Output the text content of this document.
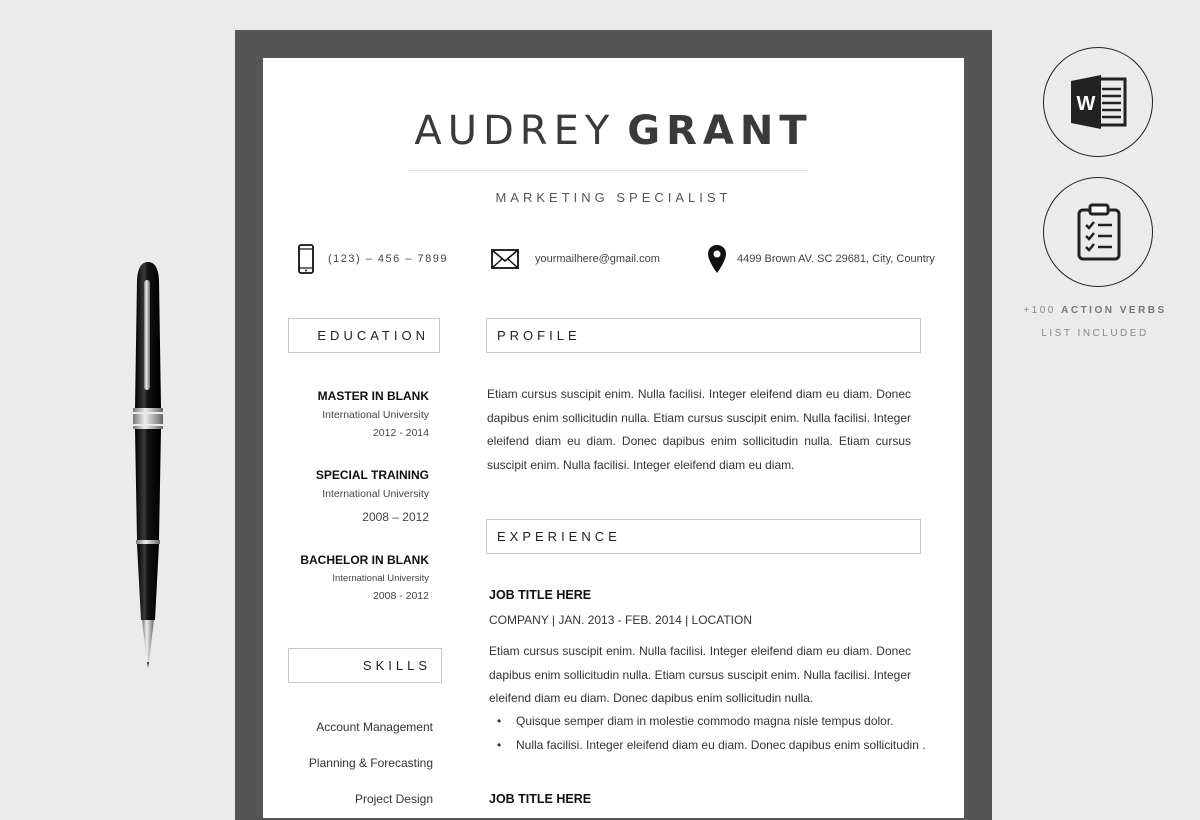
AUDREY GRANT
MARKETING SPECIALIST
(123) – 456 – 7899	yourmailhere@gmail.com	4499 Brown AV. SC 29681, City, Country
EDUCATION	PROFILE
MASTER IN BLANK
International University
2012 - 2014
SPECIAL TRAINING
International University
2008 – 2012
BACHELOR IN BLANK
International University
2008 - 2012
Etiam cursus suscipit enim. Nulla facilisi. Integer eleifend diam eu diam. Donec dapibus enim sollicitudin nulla. Etiam cursus suscipit enim. Nulla facilisi. Integer eleifend diam eu diam. Donec dapibus enim sollicitudin nulla. Etiam cursus suscipit enim. Nulla facilisi. Integer eleifend diam eu diam.
EXPERIENCE
SKILLS
Account Management
Planning & Forecasting
Project Design
JOB TITLE HERE
COMPANY | JAN. 2013 - FEB. 2014 | LOCATION
Etiam cursus suscipit enim. Nulla facilisi. Integer eleifend diam eu diam. Donec dapibus enim sollicitudin nulla. Etiam cursus suscipit enim. Nulla facilisi. Integer eleifend diam eu diam. Donec dapibus enim sollicitudin nulla.
• Quisque semper diam in molestie commodo magna nisle tempus dolor.
• Nulla facilisi. Integer eleifend diam eu diam. Donec dapibus enim sollicitudin .
JOB TITLE HERE
W
+100 ACTION VERBS
LIST INCLUDED
